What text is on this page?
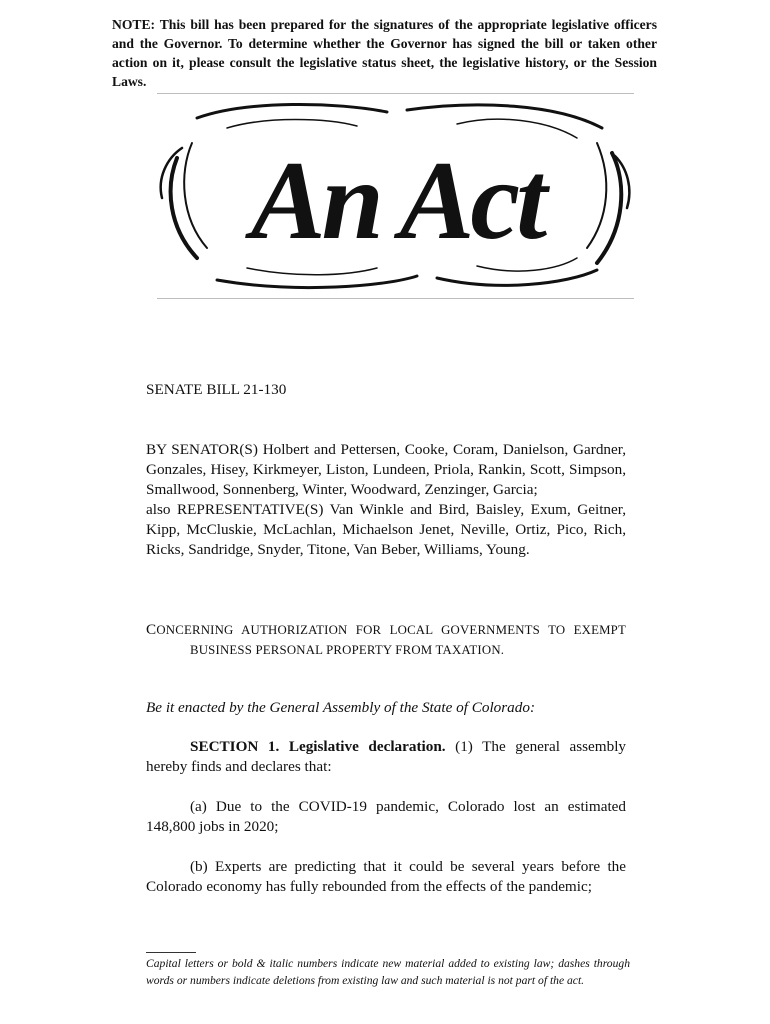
NOTE: This bill has been prepared for the signatures of the appropriate legislative officers and the Governor. To determine whether the Governor has signed the bill or taken other action on it, please consult the legislative status sheet, the legislative history, or the Session Laws.
An Act
SENATE BILL 21-130

BY SENATOR(S) Holbert and Pettersen, Cooke, Coram, Danielson, Gardner, Gonzales, Hisey, Kirkmeyer, Liston, Lundeen, Priola, Rankin, Scott, Simpson, Smallwood, Sonnenberg, Winter, Woodward, Zenzinger, Garcia;

also REPRESENTATIVE(S) Van Winkle and Bird, Baisley, Exum, Geitner, Kipp, McCluskie, McLachlan, Michaelson Jenet, Neville, Ortiz, Pico, Rich, Ricks, Sandridge, Snyder, Titone, Van Beber, Williams, Young.

CONCERNING AUTHORIZATION FOR LOCAL GOVERNMENTS TO EXEMPT
BUSINESS PERSONAL PROPERTY FROM TAXATION.
Be it enacted by the General Assembly of the State of Colorado:
SECTION 1. Legislative declaration. (1) The general assembly hereby finds and declares that:
(a) Due to the COVID-19 pandemic, Colorado lost an estimated 148,800 jobs in 2020;
(b) Experts are predicting that it could be several years before the Colorado economy has fully rebounded from the effects of the pandemic;
Capital letters or bold & italic numbers indicate new material added to existing law; dashes through words or numbers indicate deletions from existing law and such material is not part of the act.
